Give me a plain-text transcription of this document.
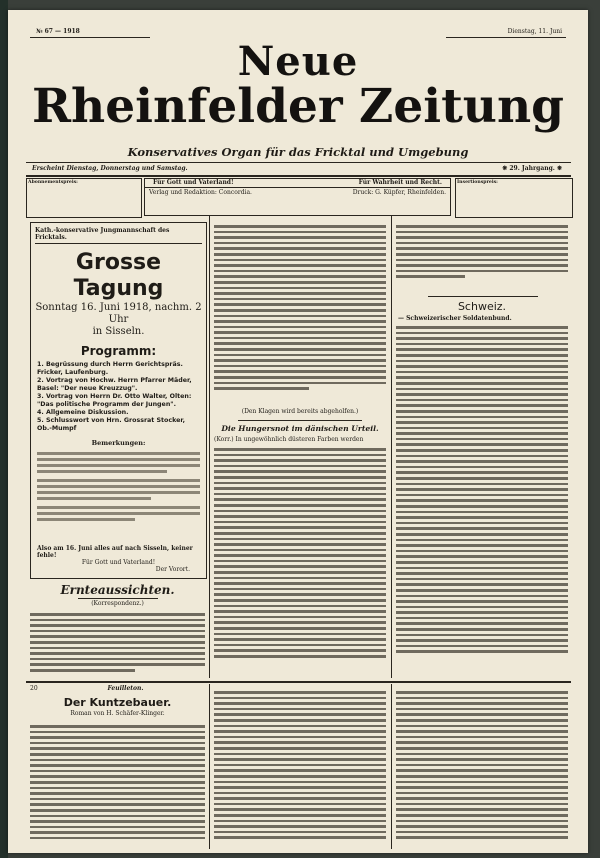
№ 67 — 1918	Dienstag, 11. Juni
Neue
Rheinfelder Zeitung
Konservatives Organ für das Fricktal und Umgebung
Erscheint Dienstag, Donnerstag und Samstag.	❋ 29. Jahrgang. ❋
Abonnementspreis:	Für Gott und Vaterland!	Für Wahrheit und Recht.
Verlag und Redaktion: Concordia.	Druck: G. Küpfer, Rheinfelden.
Insertionspreis:
Kath.-konservative Jungmannschaft des Fricktals.
Grosse Tagung
Sonntag 16. Juni 1918, nachm. 2 Uhr
in Sisseln.
Programm:
1. Begrüssung durch Herrn Gerichtspräs. Fricker, Laufenburg.
2. Vortrag von Hochw. Herrn Pfarrer Mäder, Basel: "Der neue Kreuzzug".
3. Vortrag von Herrn Dr. Otto Walter, Olten: "Das politische Programm der Jungen".
4. Allgemeine Diskussion.
5. Schlusswort von Hrn. Grossrat Stocker, Ob.-Mumpf
Bemerkungen:
Also am 16. Juni alles auf nach Sisseln, keiner fehle!
Für Gott und Vaterland!
Der Vorort.
Ernteaussichten.
(Korrespondenz.)
(Den Klagen wird bereits abgeholfen.)
Die Hungersnot im dänischen Urteil.
(Korr.) In ungewöhnlich düsteren Farben werden
Schweiz.
— Schweizerischer Soldatenbund.
20	Feuilleton.
Der Kuntzebauer.
Roman von H. Schäfer-Klinger.
